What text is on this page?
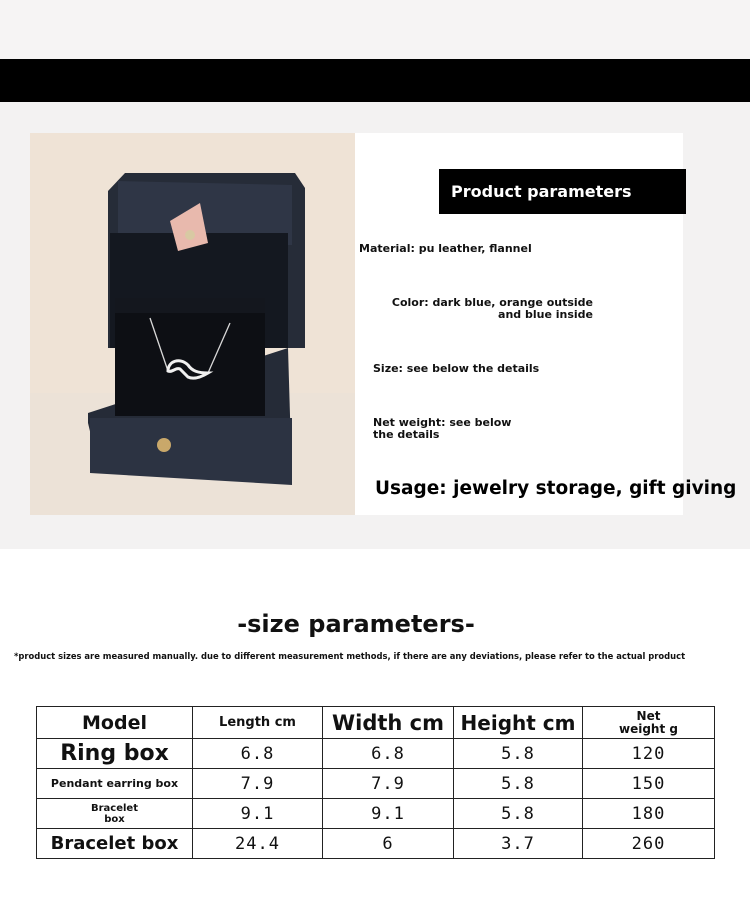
Product parameters
Material: pu leather, flannel
Color: dark blue, orange outside and blue inside
Size: see below the details
Net weight: see below the details
Usage: jewelry storage, gift giving
-size parameters-
*product sizes are measured manually. due to different measurement methods, if there are any deviations, please refer to the actual product
Model	Length cm	Width cm	Height cm	Net weight g
Ring box	6.8	6.8	5.8	120
Pendant earring box	7.9	7.9	5.8	150
Bracelet box	9.1	9.1	5.8	180
Bracelet box	24.4	6	3.7	260
